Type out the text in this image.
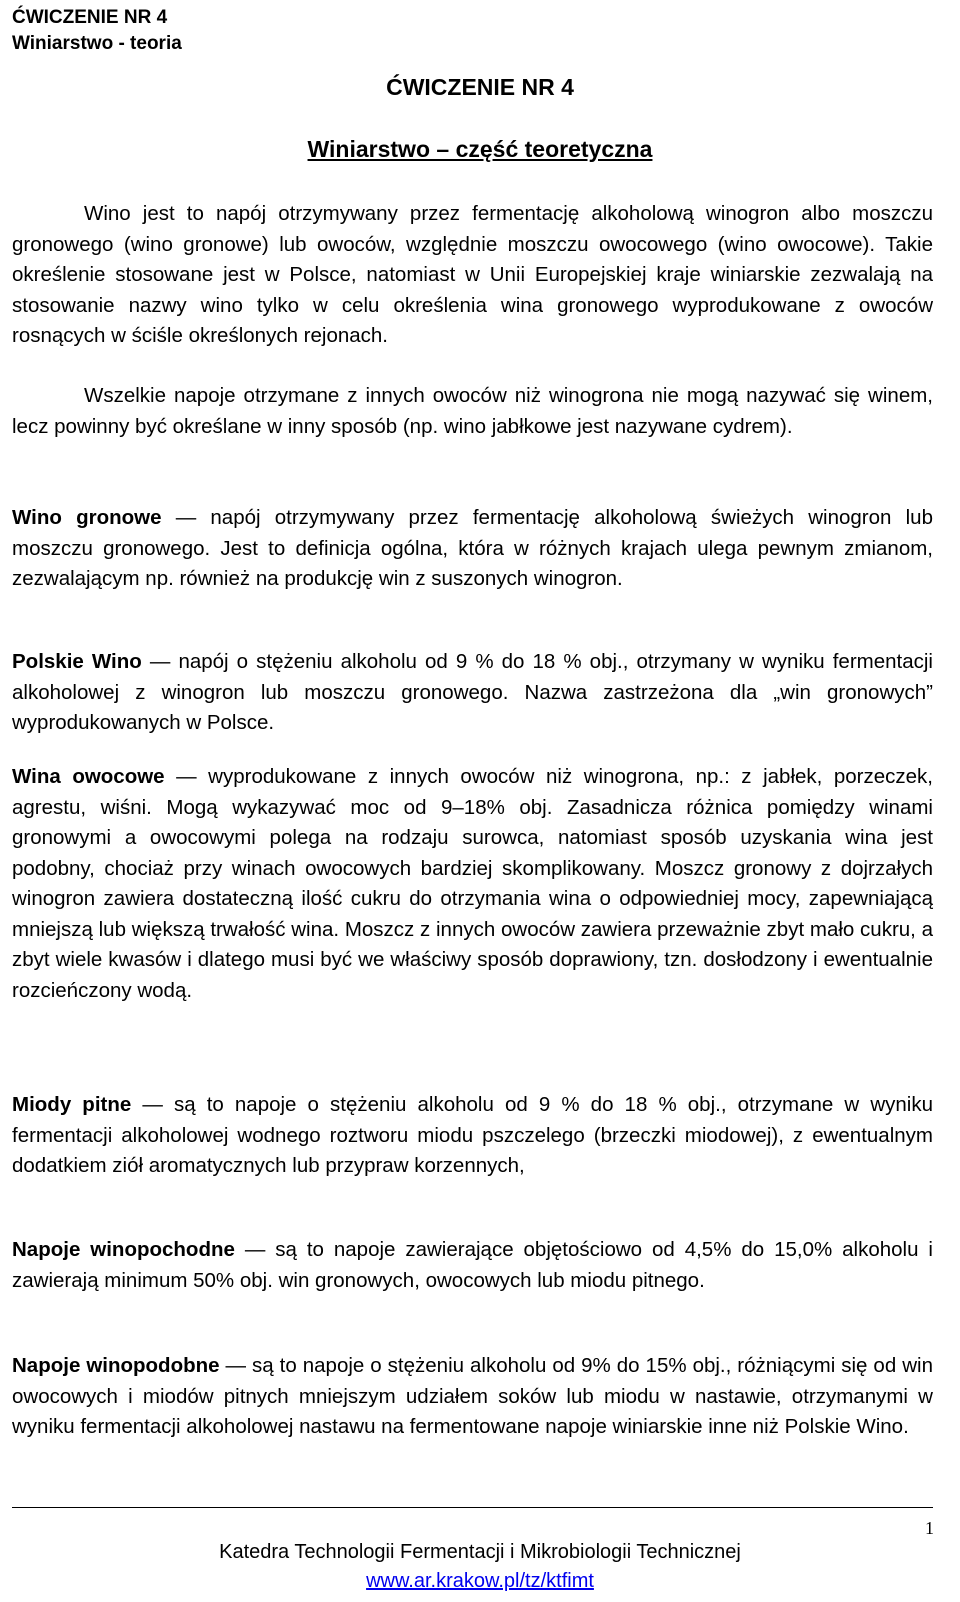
ĆWICZENIE NR 4
Winiarstwo - teoria
ĆWICZENIE NR 4
Winiarstwo – część teoretyczna

Wino jest to napój otrzymywany przez fermentację alkoholową winogron albo moszczu gronowego (wino gronowe) lub owoców, względnie moszczu owocowego (wino owocowe). Takie określenie stosowane jest w Polsce, natomiast w Unii Europejskiej kraje winiarskie zezwalają na stosowanie nazwy wino tylko w celu określenia wina gronowego wyprodukowane z owoców rosnących w ściśle określonych rejonach.

Wszelkie napoje otrzymane z innych owoców niż winogrona nie mogą nazywać się winem, lecz powinny być określane w inny sposób (np. wino jabłkowe jest nazywane cydrem).

Wino gronowe — napój otrzymywany przez fermentację alkoholową świeżych winogron lub moszczu gronowego. Jest to definicja ogólna, która w różnych krajach ulega pewnym zmianom, zezwalającym np. również na produkcję win z suszonych winogron.

Polskie Wino — napój o stężeniu alkoholu od 9 % do 18 % obj., otrzymany w wyniku fermentacji alkoholowej z winogron lub moszczu gronowego. Nazwa zastrzeżona dla „win gronowych” wyprodukowanych w Polsce.

Wina owocowe — wyprodukowane z innych owoców niż winogrona, np.: z jabłek, porzeczek, agrestu, wiśni. Mogą wykazywać moc od 9–18% obj. Zasadnicza różnica pomiędzy winami gronowymi a owocowymi polega na rodzaju surowca, natomiast sposób uzyskania wina jest podobny, chociaż przy winach owocowych bardziej skomplikowany. Moszcz gronowy z dojrzałych winogron zawiera dostateczną ilość cukru do otrzymania wina o odpowiedniej mocy, zapewniającą mniejszą lub większą trwałość wina. Moszcz z innych owoców zawiera przeważnie zbyt mało cukru, a zbyt wiele kwasów i dlatego musi być we właściwy sposób doprawiony, tzn. dosłodzony i ewentualnie rozcieńczony wodą.

Miody pitne — są to napoje o stężeniu alkoholu od 9 % do 18 % obj., otrzymane w wyniku fermentacji alkoholowej wodnego roztworu miodu pszczelego (brzeczki miodowej), z ewentualnym dodatkiem ziół aromatycznych lub przypraw korzennych,

Napoje winopochodne — są to napoje zawierające objętościowo od 4,5% do 15,0% alkoholu i zawierają minimum 50% obj. win gronowych, owocowych lub miodu pitnego.

Napoje winopodobne — są to napoje o stężeniu alkoholu od 9% do 15% obj., różniącymi się od win owocowych i miodów pitnych mniejszym udziałem soków lub miodu w nastawie, otrzymanymi w wyniku fermentacji alkoholowej nastawu na fermentowane napoje winiarskie inne niż Polskie Wino.

1
Katedra Technologii Fermentacji i Mikrobiologii Technicznej
www.ar.krakow.pl/tz/ktfimt
